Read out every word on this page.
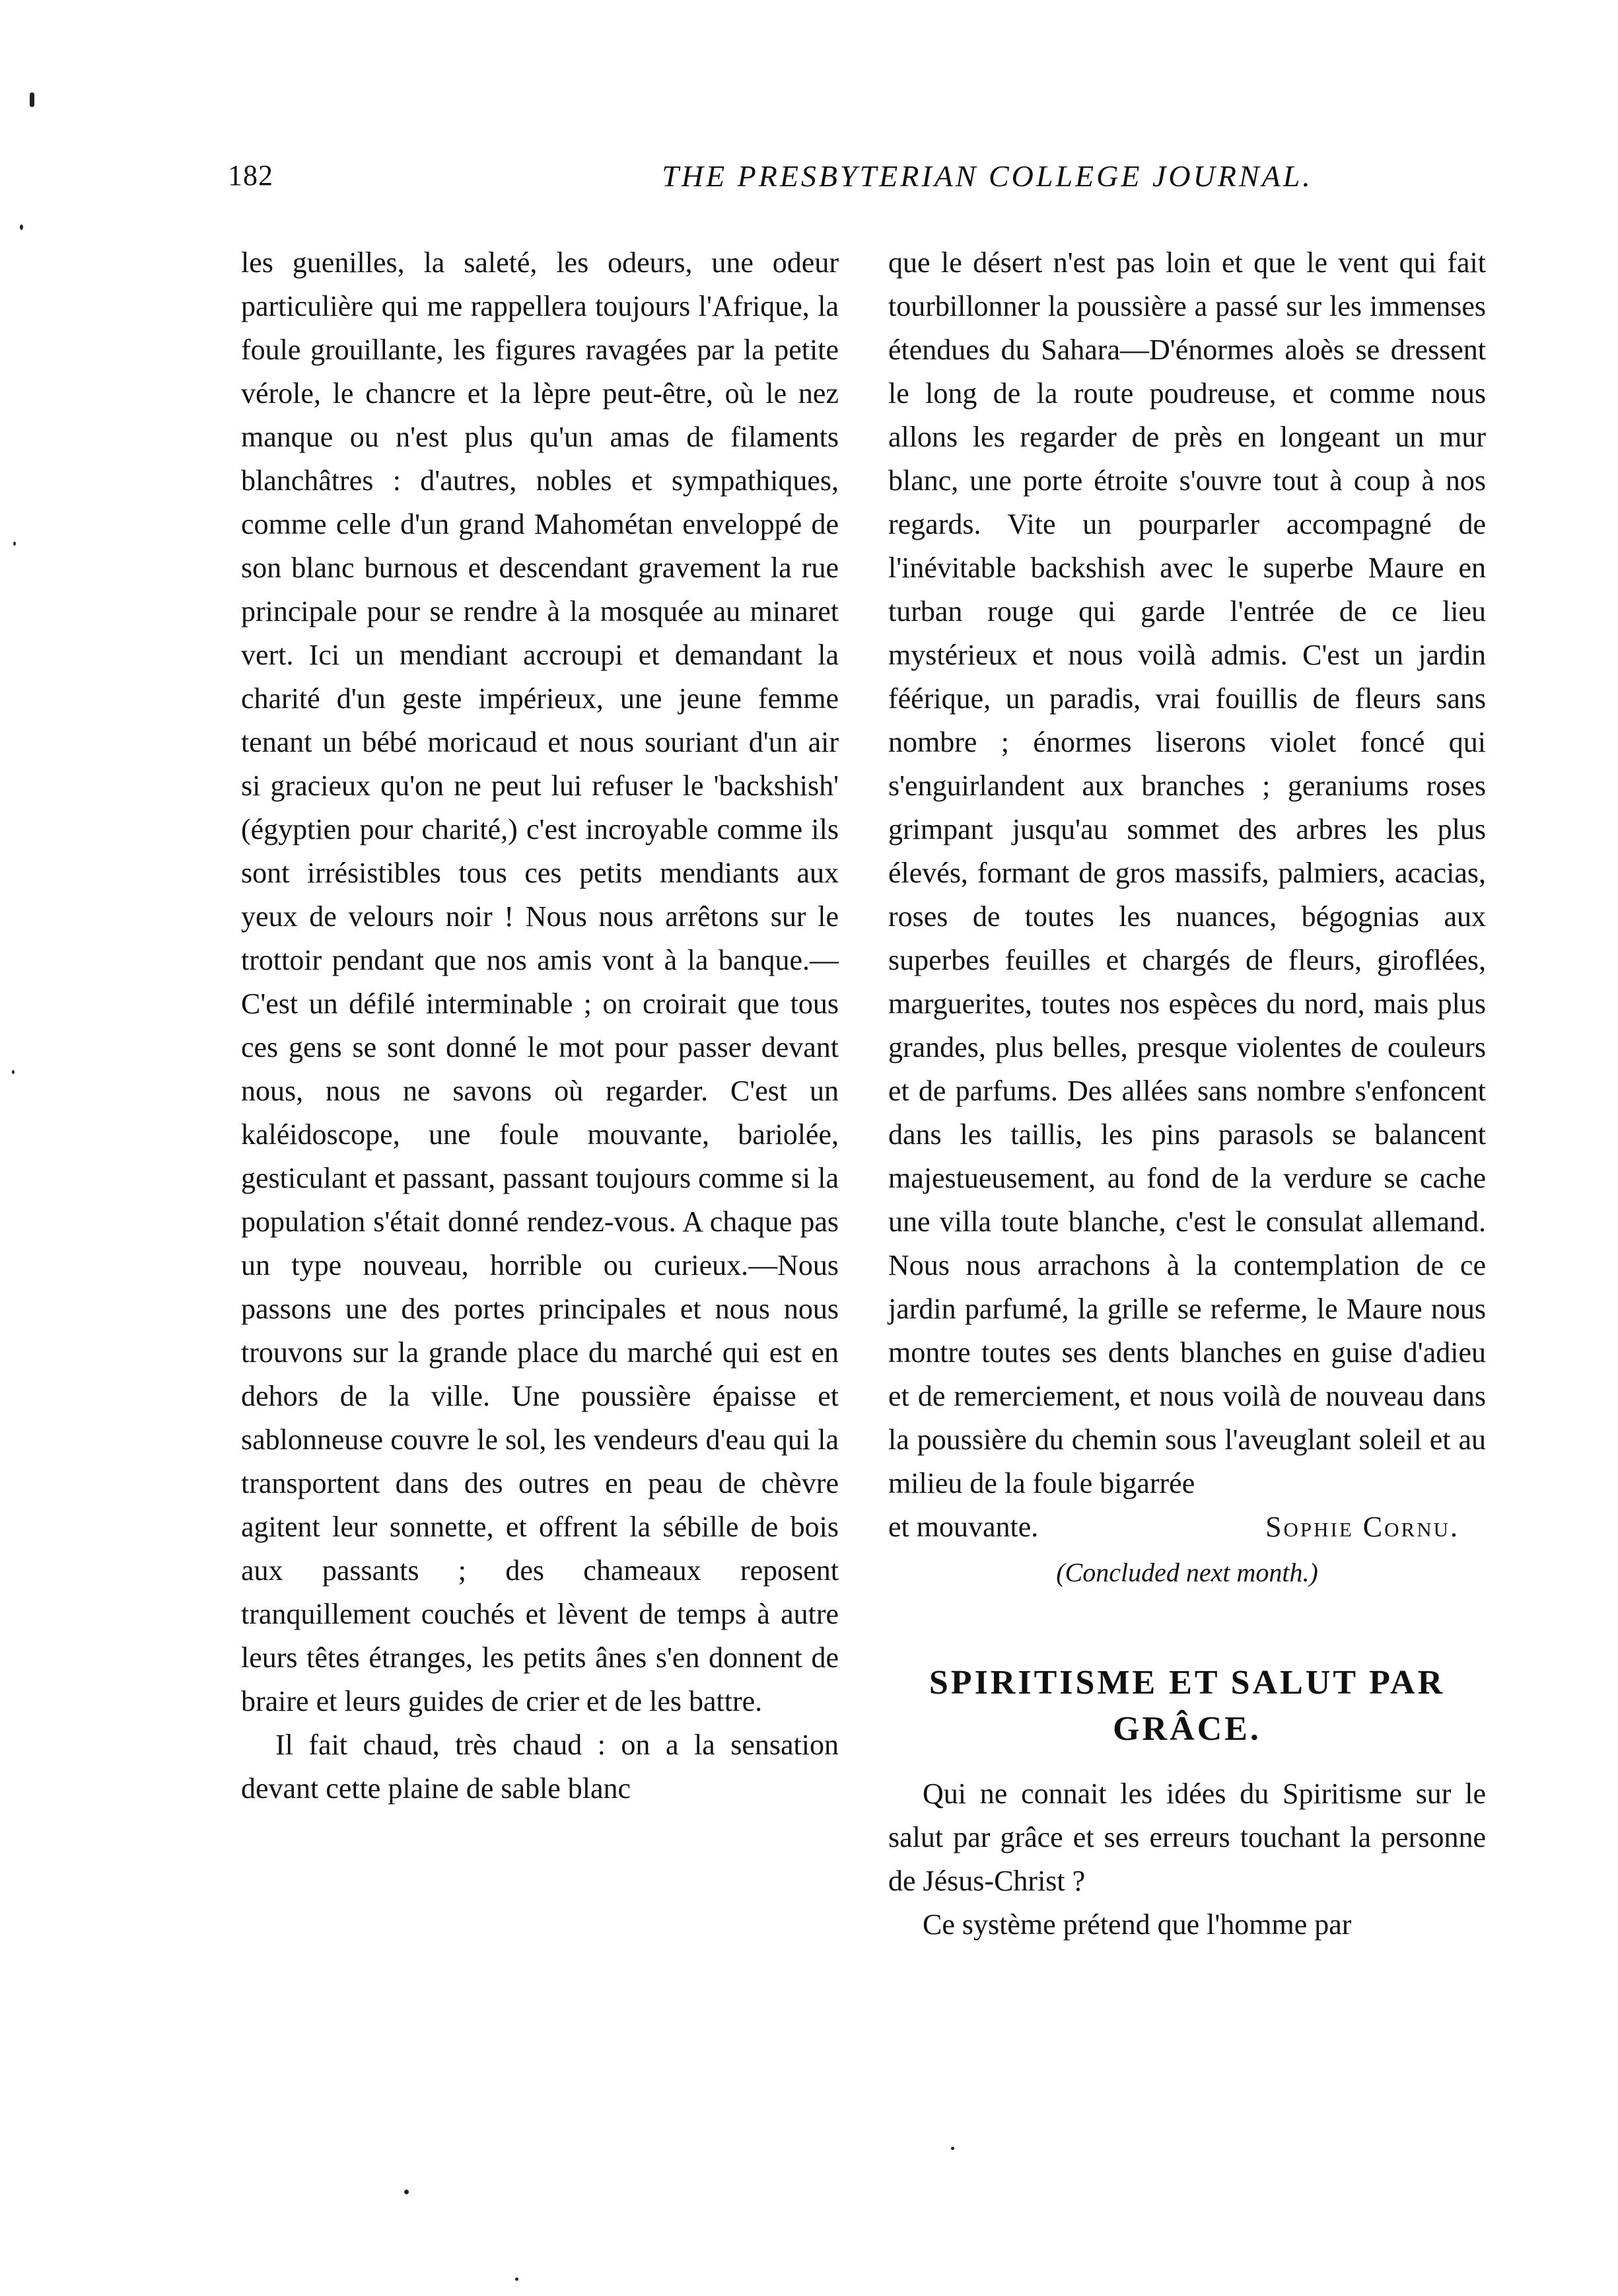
182	THE PRESBYTERIAN COLLEGE JOURNAL.

les guenilles, la saleté, les odeurs, une odeur particulière qui me rappellera toujours l'Afrique, la foule grouillante, les figures ravagées par la petite vérole, le chancre et la lèpre peut-être, où le nez manque ou n'est plus qu'un amas de filaments blanchâtres : d'autres, nobles et sympathiques, comme celle d'un grand Mahométan enveloppé de son blanc burnous et descendant gravement la rue principale pour se rendre à la mosquée au minaret vert. Ici un mendiant accroupi et demandant la charité d'un geste impérieux, une jeune femme tenant un bébé moricaud et nous souriant d'un air si gracieux qu'on ne peut lui refuser le 'backshish' (égyptien pour charité,) c'est incroyable comme ils sont irrésistibles tous ces petits mendiants aux yeux de velours noir ! Nous nous arrêtons sur le trottoir pendant que nos amis vont à la banque.—C'est un défilé interminable ; on croirait que tous ces gens se sont donné le mot pour passer devant nous, nous ne savons où regarder. C'est un kaléidoscope, une foule mouvante, bariolée, gesticulant et passant, passant toujours comme si la population s'était donné rendez-vous. A chaque pas un type nouveau, horrible ou curieux.—Nous passons une des portes principales et nous nous trouvons sur la grande place du marché qui est en dehors de la ville. Une poussière épaisse et sablonneuse couvre le sol, les vendeurs d'eau qui la transportent dans des outres en peau de chèvre agitent leur sonnette, et offrent la sébille de bois aux passants ; des chameaux reposent tranquillement couchés et lèvent de temps à autre leurs têtes étranges, les petits ânes s'en donnent de braire et leurs guides de crier et de les battre.

Il fait chaud, très chaud : on a la sensation devant cette plaine de sable blanc

que le désert n'est pas loin et que le vent qui fait tourbillonner la poussière a passé sur les immenses étendues du Sahara—D'énormes aloès se dressent le long de la route poudreuse, et comme nous allons les regarder de près en longeant un mur blanc, une porte étroite s'ouvre tout à coup à nos regards. Vite un pourparler accompagné de l'inévitable backshish avec le superbe Maure en turban rouge qui garde l'entrée de ce lieu mystérieux et nous voilà admis. C'est un jardin féérique, un paradis, vrai fouillis de fleurs sans nombre ; énormes liserons violet foncé qui s'enguirlandent aux branches ; geraniums roses grimpant jusqu'au sommet des arbres les plus élevés, formant de gros massifs, palmiers, acacias, roses de toutes les nuances, bégognias aux superbes feuilles et chargés de fleurs, giroflées, marguerites, toutes nos espèces du nord, mais plus grandes, plus belles, presque violentes de couleurs et de parfums. Des allées sans nombre s'enfoncent dans les taillis, les pins parasols se balancent majestueusement, au fond de la verdure se cache une villa toute blanche, c'est le consulat allemand. Nous nous arrachons à la contemplation de ce jardin parfumé, la grille se referme, le Maure nous montre toutes ses dents blanches en guise d'adieu et de remerciement, et nous voilà de nouveau dans la poussière du chemin sous l'aveuglant soleil et au milieu de la foule bigarrée

et mouvante.	Sophie Cornu.

(Concluded next month.)

SPIRITISME ET SALUT PAR GRÂCE.

Qui ne connait les idées du Spiritisme sur le salut par grâce et ses erreurs touchant la personne de Jésus-Christ ?

Ce système prétend que l'homme par
